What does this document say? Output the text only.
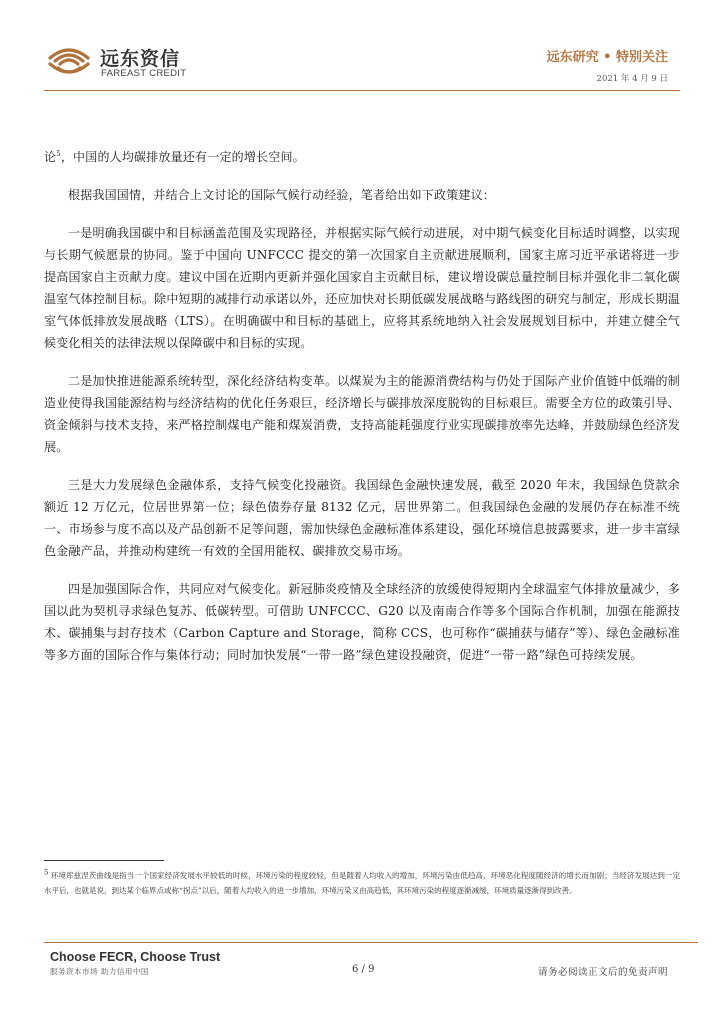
远东资信
FAREAST CREDIT
远东研究 • 特别关注
2021 年 4 月 9 日

论$^5$，中国的人均碳排放量还有一定的增长空间。

根据我国国情，并结合上文讨论的国际气候行动经验，笔者给出如下政策建议：

一是明确我国碳中和目标涵盖范围及实现路径，并根据实际气候行动进展，对中期气候变化目标适时调整，以实现与长期气候愿景的协同。鉴于中国向 UNFCCC 提交的第一次国家自主贡献进展顺利，国家主席习近平承诺将进一步提高国家自主贡献力度。建议中国在近期内更新并强化国家自主贡献目标，建议增设碳总量控制目标并强化非二氧化碳温室气体控制目标。除中短期的减排行动承诺以外，还应加快对长期低碳发展战略与路线图的研究与制定，形成长期温室气体低排放发展战略（LTS）。在明确碳中和目标的基础上，应将其系统地纳入社会发展规划目标中，并建立健全气候变化相关的法律法规以保障碳中和目标的实现。

二是加快推进能源系统转型，深化经济结构变革。以煤炭为主的能源消费结构与仍处于国际产业价值链中低端的制造业使得我国能源结构与经济结构的优化任务艰巨，经济增长与碳排放深度脱钩的目标艰巨。需要全方位的政策引导、资金倾斜与技术支持，来严格控制煤电产能和煤炭消费，支持高能耗强度行业实现碳排放率先达峰，并鼓励绿色经济发展。

三是大力发展绿色金融体系，支持气候变化投融资。我国绿色金融快速发展，截至 2020 年末，我国绿色贷款余额近 12 万亿元，位居世界第一位；绿色债券存量 8132 亿元，居世界第二。但我国绿色金融的发展仍存在标准不统一、市场参与度不高以及产品创新不足等问题，需加快绿色金融标准体系建设，强化环境信息披露要求，进一步丰富绿色金融产品，并推动构建统一有效的全国用能权、碳排放交易市场。

四是加强国际合作，共同应对气候变化。新冠肺炎疫情及全球经济的放缓使得短期内全球温室气体排放量减少，多国以此为契机寻求绿色复苏、低碳转型。可借助 UNFCCC、G20 以及南南合作等多个国际合作机制，加强在能源技术、碳捕集与封存技术（Carbon Capture and Storage，简称 CCS，也可称作“碳捕获与储存”等）、绿色金融标准等多方面的国际合作与集体行动；同时加快发展“一带一路”绿色建设投融资，促进“一带一路”绿色可持续发展。

$^5$ 环境库兹涅茨曲线是指当一个国家经济发展水平较低的时候，环境污染的程度较轻，但是随着人均收入的增加，环境污染由低趋高，环境恶化程度随经济的增长而加剧；当经济发展达到一定水平后，也就是说，到达某个临界点或称“拐点”以后，随着人均收入的进一步增加，环境污染又由高趋低，其环境污染的程度逐渐减缓，环境质量逐渐得到改善。
Choose FECR, Choose Trust
服务资本市场 助力信用中国	6 / 9	请务必阅读正文后的免责声明
